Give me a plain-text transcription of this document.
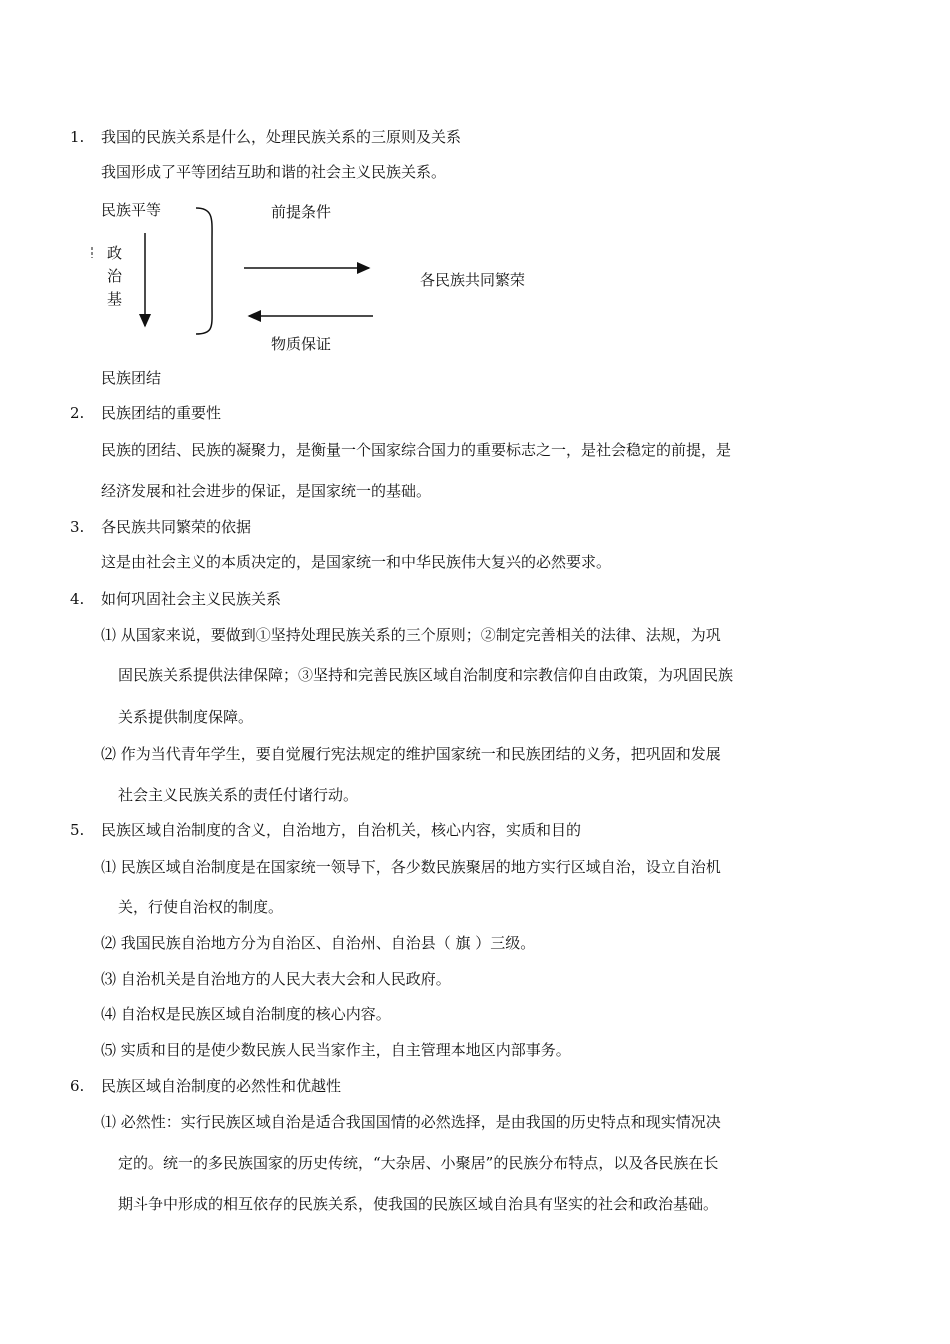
1. 我国的民族关系是什么，处理民族关系的三原则及关系
我国形成了平等团结互助和谐的社会主义民族关系。
民族平等	前提条件
政
治
基
各民族共同繁荣
物质保证
民族团结
2. 民族团结的重要性
民族的团结、民族的凝聚力，是衡量一个国家综合国力的重要标志之一，是社会稳定的前提，是
经济发展和社会进步的保证，是国家统一的基础。
3. 各民族共同繁荣的依据
这是由社会主义的本质决定的，是国家统一和中华民族伟大复兴的必然要求。
4. 如何巩固社会主义民族关系
⑴ 从国家来说，要做到①坚持处理民族关系的三个原则；②制定完善相关的法律、法规，为巩
固民族关系提供法律保障；③坚持和完善民族区域自治制度和宗教信仰自由政策，为巩固民族
关系提供制度保障。
⑵ 作为当代青年学生，要自觉履行宪法规定的维护国家统一和民族团结的义务，把巩固和发展
社会主义民族关系的责任付诸行动。
5. 民族区域自治制度的含义，自治地方，自治机关，核心内容，实质和目的
⑴ 民族区域自治制度是在国家统一领导下，各少数民族聚居的地方实行区域自治，设立自治机
关，行使自治权的制度。
⑵ 我国民族自治地方分为自治区、自治州、自治县（ 旗 ）三级。
⑶ 自治机关是自治地方的人民大表大会和人民政府。
⑷ 自治权是民族区域自治制度的核心内容。
⑸ 实质和目的是使少数民族人民当家作主，自主管理本地区内部事务。
6. 民族区域自治制度的必然性和优越性
⑴ 必然性：实行民族区域自治是适合我国国情的必然选择，是由我国的历史特点和现实情况决
定的。统一的多民族国家的历史传统，“大杂居、小聚居”的民族分布特点，以及各民族在长
期斗争中形成的相互依存的民族关系，使我国的民族区域自治具有坚实的社会和政治基础。
